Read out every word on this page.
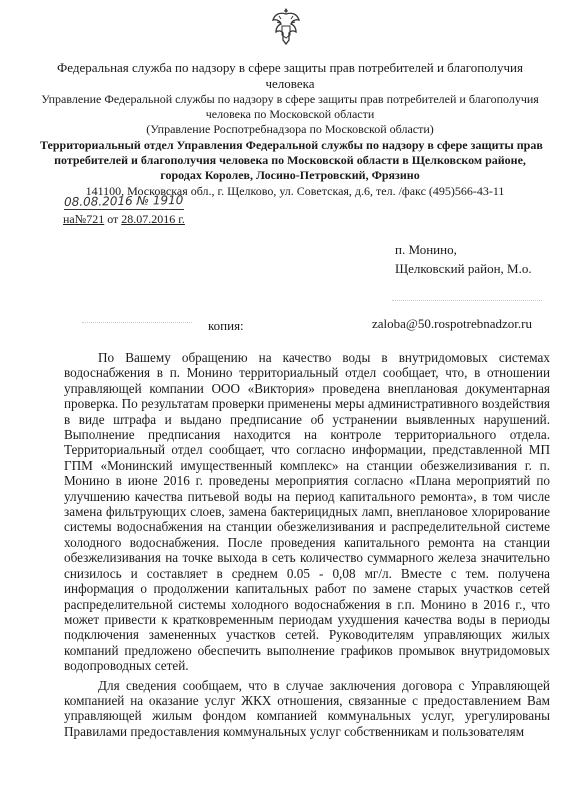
Федеральная служба по надзору в сфере защиты прав потребителей и благополучия
человека
Управление Федеральной службы по надзору в сфере защиты прав потребителей и благополучия
человека по Московской области
(Управление Роспотребнадзора по Московской области)
Территориальный отдел Управления Федеральной службы по надзору в сфере защиты прав
потребителей и благополучия человека по Московской области в Щелковском районе,
городах Королев, Лосино-Петровский, Фрязино
141100, Московская обл., г. Щелково, ул. Советская, д.6, тел. /факс (495)566-43-11
08.08.2016 № 1910
на№721 от 28.07.2016 г.
п. Монино,
Щелковский район, М.о.
копия:	zaloba@50.rospotrebnadzor.ru

По Вашему обращению на качество воды в внутридомовых системах водоснабжения в п. Монино территориальный отдел сообщает, что, в отношении управляющей компании ООО «Виктория» проведена внеплановая документарная проверка. По результатам проверки применены меры административного воздействия в виде штрафа и выдано предписание об устранении выявленных нарушений. Выполнение предписания находится на контроле территориального отдела. Территориальный отдел сообщает, что согласно информации, представленной МП ГПМ «Монинский имущественный комплекс» на станции обезжелизивания г. п. Монино в июне 2016 г. проведены мероприятия согласно «Плана мероприятий по улучшению качества питьевой воды на период капитального ремонта», в том числе замена фильтрующих слоев, замена бактерицидных ламп, внеплановое хлорирование системы водоснабжения на станции обезжелизивания и распределительной системе холодного водоснабжения. После проведения капитального ремонта на станции обезжелизивания на точке выхода в сеть количество суммарного железа значительно снизилось и составляет в среднем 0.05 - 0,08 мг/л. Вместе с тем. получена информация о продолжении капитальных работ по замене старых участков сетей распределительной системы холодного водоснабжения в г.п. Монино в 2016 г., что может привести к кратковременным периодам ухудшения качества воды в периоды подключения замененных участков сетей. Руководителям управляющих жилых компаний предложено обеспечить выполнение графиков промывок внутридомовых водопроводных сетей.

Для сведения сообщаем, что в случае заключения договора с Управляющей компанией на оказание услуг ЖКХ отношения, связанные с предоставлением Вам управляющей жилым фондом компанией коммунальных услуг, урегулированы Правилами предоставления коммунальных услуг собственникам и пользователям
